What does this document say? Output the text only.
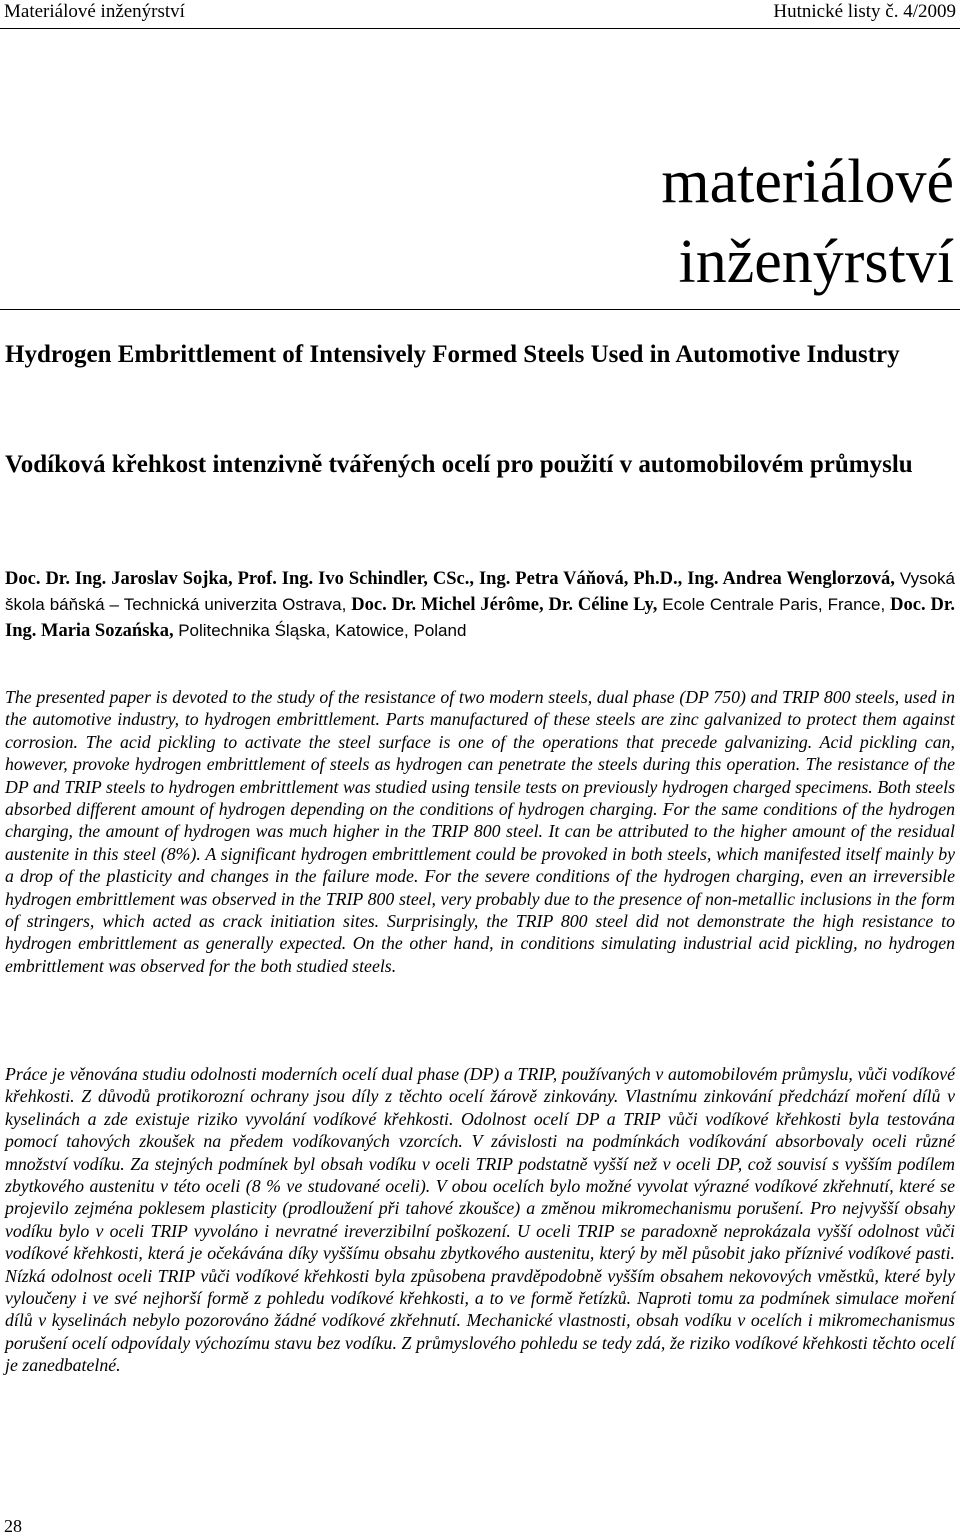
Materiálové inženýrství	Hutnické listy č. 4/2009
materiálové
inženýrství
Hydrogen Embrittlement of Intensively Formed Steels Used in Automotive Industry
Vodíková křehkost intenzivně tvářených ocelí pro použití v automobilovém průmyslu
Doc. Dr. Ing. Jaroslav Sojka, Prof. Ing. Ivo Schindler, CSc., Ing. Petra Váňová, Ph.D., Ing. Andrea Wenglorzová, Vysoká škola báňská – Technická univerzita Ostrava, Doc. Dr. Michel Jérôme, Dr. Céline Ly, Ecole Centrale Paris, France, Doc. Dr. Ing. Maria Sozańska, Politechnika Śląska, Katowice, Poland

The presented paper is devoted to the study of the resistance of two modern steels, dual phase (DP 750) and TRIP 800 steels, used in the automotive industry, to hydrogen embrittlement. Parts manufactured of these steels are zinc galvanized to protect them against corrosion. The acid pickling to activate the steel surface is one of the operations that precede galvanizing. Acid pickling can, however, provoke hydrogen embrittlement of steels as hydrogen can penetrate the steels during this operation. The resistance of the DP and TRIP steels to hydrogen embrittlement was studied using tensile tests on previously hydrogen charged specimens. Both steels absorbed different amount of hydrogen depending on the conditions of hydrogen charging. For the same conditions of the hydrogen charging, the amount of hydrogen was much higher in the TRIP 800 steel. It can be attributed to the higher amount of the residual austenite in this steel (8%). A significant hydrogen embrittlement could be provoked in both steels, which manifested itself mainly by a drop of the plasticity and changes in the failure mode. For the severe conditions of the hydrogen charging, even an irreversible hydrogen embrittlement was observed in the TRIP 800 steel, very probably due to the presence of non-metallic inclusions in the form of stringers, which acted as crack initiation sites. Surprisingly, the TRIP 800 steel did not demonstrate the high resistance to hydrogen embrittlement as generally expected. On the other hand, in conditions simulating industrial acid pickling, no hydrogen embrittlement was observed for the both studied steels.

Práce je věnována studiu odolnosti moderních ocelí dual phase (DP) a TRIP, používaných v automobilovém průmyslu, vůči vodíkové křehkosti. Z důvodů protikorozní ochrany jsou díly z těchto ocelí žárově zinkovány. Vlastnímu zinkování předchází moření dílů v kyselinách a zde existuje riziko vyvolání vodíkové křehkosti. Odolnost ocelí DP a TRIP vůči vodíkové křehkosti byla testována pomocí tahových zkoušek na předem vodíkovaných vzorcích. V závislosti na podmínkách vodíkování absorbovaly oceli různé množství vodíku. Za stejných podmínek byl obsah vodíku v oceli TRIP podstatně vyšší než v oceli DP, což souvisí s vyšším podílem zbytkového austenitu v této oceli (8 % ve studované oceli). V obou ocelích bylo možné vyvolat výrazné vodíkové zkřehnutí, které se projevilo zejména poklesem plasticity (prodloužení při tahové zkoušce) a změnou mikromechanismu porušení. Pro nejvyšší obsahy vodíku bylo v oceli TRIP vyvoláno i nevratné ireverzibilní poškození. U oceli TRIP se paradoxně neprokázala vyšší odolnost vůči vodíkové křehkosti, která je očekávána díky vyššímu obsahu zbytkového austenitu, který by měl působit jako příznivé vodíkové pasti. Nízká odolnost oceli TRIP vůči vodíkové křehkosti byla způsobena pravděpodobně vyšším obsahem nekovových vměstků, které byly vyloučeny i ve své nejhorší formě z pohledu vodíkové křehkosti, a to ve formě řetízků. Naproti tomu za podmínek simulace moření dílů v kyselinách nebylo pozorováno žádné vodíkové zkřehnutí. Mechanické vlastnosti, obsah vodíku v ocelích i mikromechanismus porušení ocelí odpovídaly výchozímu stavu bez vodíku. Z průmyslového pohledu se tedy zdá, že riziko vodíkové křehkosti těchto ocelí je zanedbatelné.

28
